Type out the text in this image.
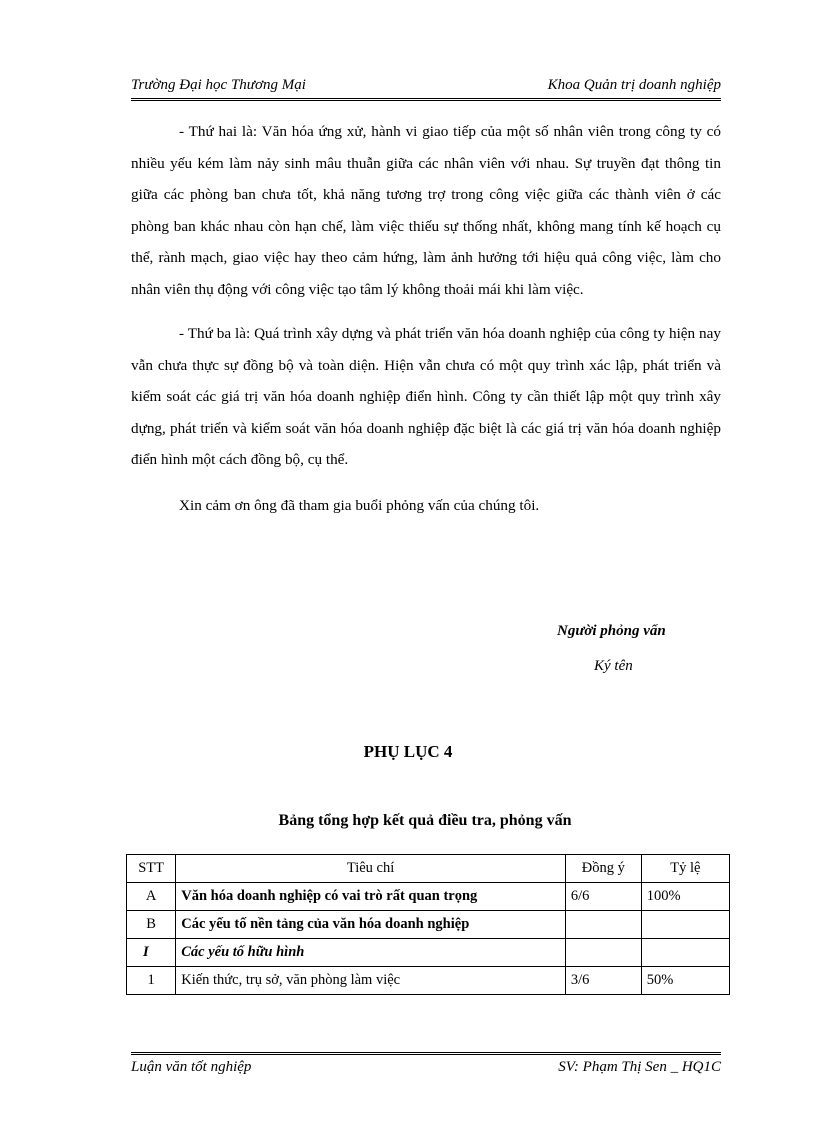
Trường Đại học Thương Mại	Khoa Quản trị doanh nghiệp

- Thứ hai là: Văn hóa ứng xử, hành vi giao tiếp của một số nhân viên trong công ty có nhiều yếu kém làm nảy sinh mâu thuẫn giữa các nhân viên với nhau. Sự truyền đạt thông tin giữa các phòng ban chưa tốt, khả năng tương trợ trong công việc giữa các thành viên ở các phòng ban khác nhau còn hạn chế, làm việc thiếu sự thống nhất, không mang tính kế hoạch cụ thể, rành mạch, giao việc hay theo cảm hứng, làm ảnh hưởng tới hiệu quả công việc, làm cho nhân viên thụ động với công việc tạo tâm lý không thoải mái khi làm việc.

- Thứ ba là: Quá trình xây dựng và phát triển văn hóa doanh nghiệp của công ty hiện nay vẫn chưa thực sự đồng bộ và toàn diện. Hiện vẫn chưa có một quy trình xác lập, phát triển và kiểm soát các giá trị văn hóa doanh nghiệp điển hình. Công ty cần thiết lập một quy trình xây dựng, phát triển và kiểm soát văn hóa doanh nghiệp đặc biệt là các giá trị văn hóa doanh nghiệp điển hình một cách đồng bộ, cụ thể.

Xin cảm ơn ông đã tham gia buổi phỏng vấn của chúng tôi.

Người phỏng vấn
Ký tên
PHỤ LỤC 4
Bảng tổng hợp kết quả điều tra, phỏng vấn
STT	Tiêu chí	Đồng ý	Tỷ lệ
A	Văn hóa doanh nghiệp có vai trò rất quan trọng	6/6	100%
B	Các yếu tố nền tảng của văn hóa doanh nghiệp		
I	Các yếu tố hữu hình		
1	Kiến thức, trụ sở, văn phòng làm việc	3/6	50%
Luận văn tốt nghiệp	SV: Phạm Thị Sen _ HQ1C
